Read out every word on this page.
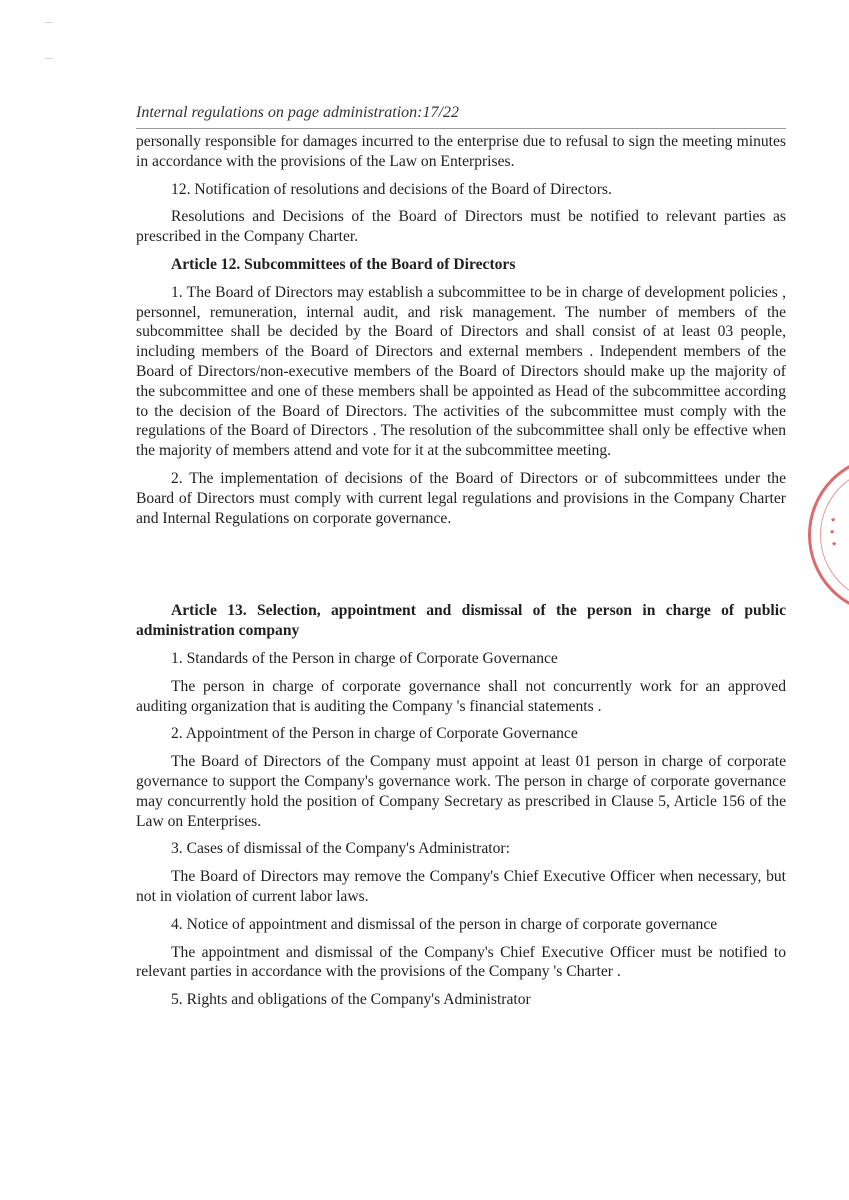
Internal regulations on page administration:17/22

personally responsible for damages incurred to the enterprise due to refusal to sign the meeting minutes in accordance with the provisions of the Law on Enterprises.

12. Notification of resolutions and decisions of the Board of Directors.

Resolutions and Decisions of the Board of Directors must be notified to relevant parties as prescribed in the Company Charter.

Article 12. Subcommittees of the Board of Directors

1. The Board of Directors may establish a subcommittee to be in charge of development policies , personnel, remuneration, internal audit, and risk management. The number of members of the subcommittee shall be decided by the Board of Directors and shall consist of at least 03 people, including members of the Board of Directors and external members . Independent members of the Board of Directors/non-executive members of the Board of Directors should make up the majority of the subcommittee and one of these members shall be appointed as Head of the subcommittee according to the decision of the Board of Directors. The activities of the subcommittee must comply with the regulations of the Board of Directors . The resolution of the subcommittee shall only be effective when the majority of members attend and vote for it at the subcommittee meeting.

2. The implementation of decisions of the Board of Directors or of subcommittees under the Board of Directors must comply with current legal regulations and provisions in the Company Charter and Internal Regulations on corporate governance.

Article 13. Selection, appointment and dismissal of the person in charge of public administration company

1. Standards of the Person in charge of Corporate Governance

The person in charge of corporate governance shall not concurrently work for an approved auditing organization that is auditing the Company 's financial statements .

2. Appointment of the Person in charge of Corporate Governance

The Board of Directors of the Company must appoint at least 01 person in charge of corporate governance to support the Company's governance work. The person in charge of corporate governance may concurrently hold the position of Company Secretary as prescribed in Clause 5, Article 156 of the Law on Enterprises.

3. Cases of dismissal of the Company's Administrator:

The Board of Directors may remove the Company's Chief Executive Officer when necessary, but not in violation of current labor laws.

4. Notice of appointment and dismissal of the person in charge of corporate governance

The appointment and dismissal of the Company's Chief Executive Officer must be notified to relevant parties in accordance with the provisions of the Company 's Charter .

5. Rights and obligations of the Company's Administrator

★
★
★
